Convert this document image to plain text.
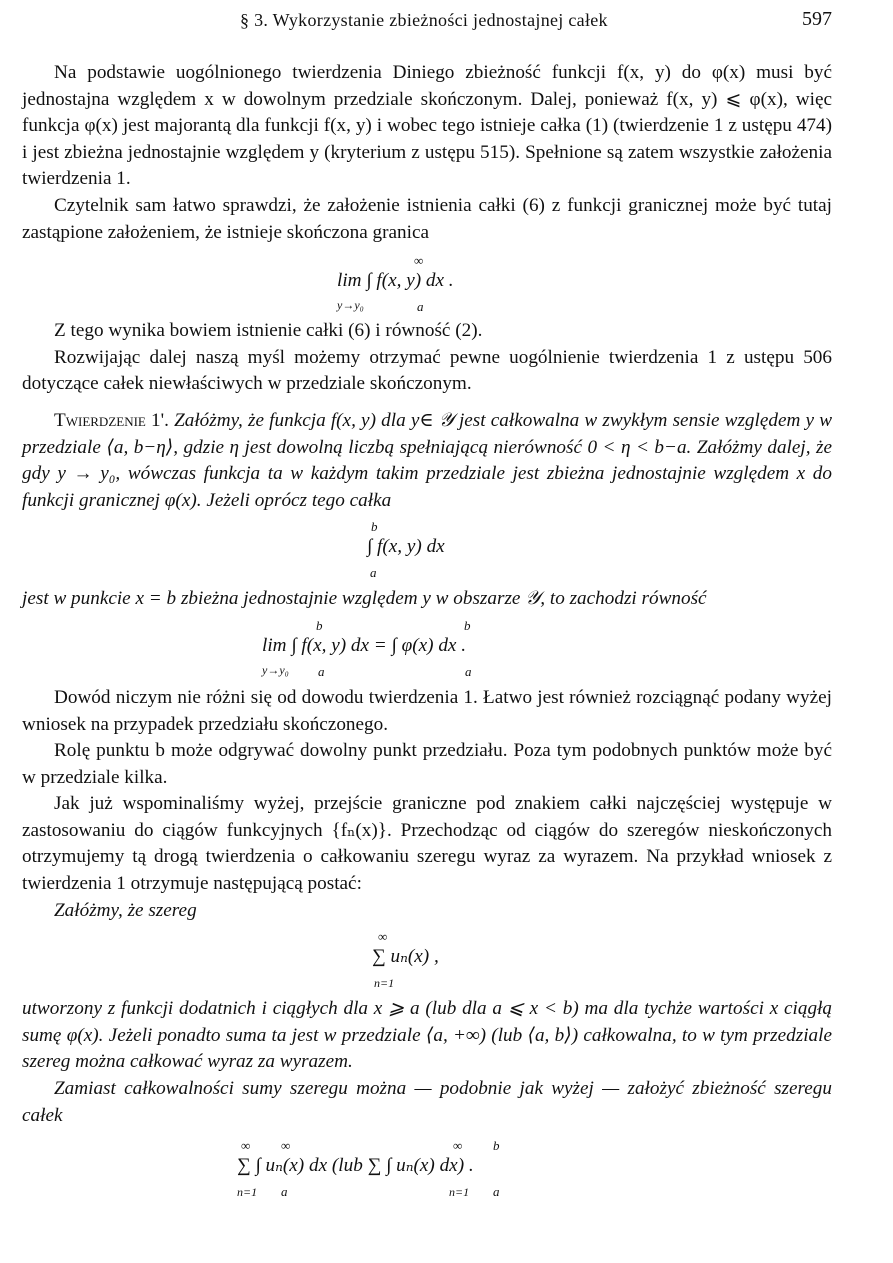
§ 3. Wykorzystanie zbieżności jednostajnej całek	597

Na podstawie uogólnionego twierdzenia Diniego zbieżność funkcji f(x, y) do φ(x) musi być jednostajna względem x w dowolnym przedziale skończonym. Dalej, ponieważ f(x, y) ⩽ φ(x), więc funkcja φ(x) jest majorantą dla funkcji f(x, y) i wobec tego istnieje całka (1) (twierdzenie 1 z ustępu 474) i jest zbieżna jednostajnie względem y (kryterium z ustępu 515). Spełnione są zatem wszystkie założenia twierdzenia 1.

Czytelnik sam łatwo sprawdzi, że założenie istnienia całki (6) z funkcji granicznej może być tutaj zastąpione założeniem, że istnieje skończona granica

∞
lim ∫ f(x, y) dx .
y→y₀	a

Z tego wynika bowiem istnienie całki (6) i równość (2).

Rozwijając dalej naszą myśl możemy otrzymać pewne uogólnienie twierdzenia 1 z ustępu 506 dotyczące całek niewłaściwych w przedziale skończonym.

Twierdzenie 1'. Załóżmy, że funkcja f(x, y) dla y∈ 𝒴 jest całkowalna w zwykłym sensie względem y w przedziale ⟨a, b−η⟩, gdzie η jest dowolną liczbą spełniającą nierówność 0 < η < b−a. Załóżmy dalej, że gdy y → y₀, wówczas funkcja ta w każdym takim przedziale jest zbieżna jednostajnie względem x do funkcji granicznej φ(x). Jeżeli oprócz tego całka

b
∫ f(x, y) dx
a

jest w punkcie x = b zbieżna jednostajnie względem y w obszarze 𝒴, to zachodzi równość

b	b
lim ∫ f(x, y) dx = ∫ φ(x) dx .
y→y₀ a	a

Dowód niczym nie różni się od dowodu twierdzenia 1. Łatwo jest również rozciągnąć podany wyżej wniosek na przypadek przedziału skończonego.

Rolę punktu b może odgrywać dowolny punkt przedziału. Poza tym podobnych punktów może być w przedziale kilka.

Jak już wspominaliśmy wyżej, przejście graniczne pod znakiem całki najczęściej występuje w zastosowaniu do ciągów funkcyjnych {fₙ(x)}. Przechodząc od ciągów do szeregów nieskończonych otrzymujemy tą drogą twierdzenia o całkowaniu szeregu wyraz za wyrazem. Na przykład wniosek z twierdzenia 1 otrzymuje następującą postać:

Załóżmy, że szereg

∞
∑ uₙ(x) ,
n=1

utworzony z funkcji dodatnich i ciągłych dla x ⩾ a (lub dla a ⩽ x < b) ma dla tychże wartości x ciągłą sumę φ(x). Jeżeli ponadto suma ta jest w przedziale ⟨a, +∞) (lub ⟨a, b⟩) całkowalna, to w tym przedziale szereg można całkować wyraz za wyrazem.

Zamiast całkowalności sumy szeregu można — podobnie jak wyżej — założyć zbieżność szeregu całek

∞ ∞	∞ b
∑ ∫ uₙ(x) dx (lub ∑ ∫ uₙ(x) dx) .
n=1 a	n=1 a
